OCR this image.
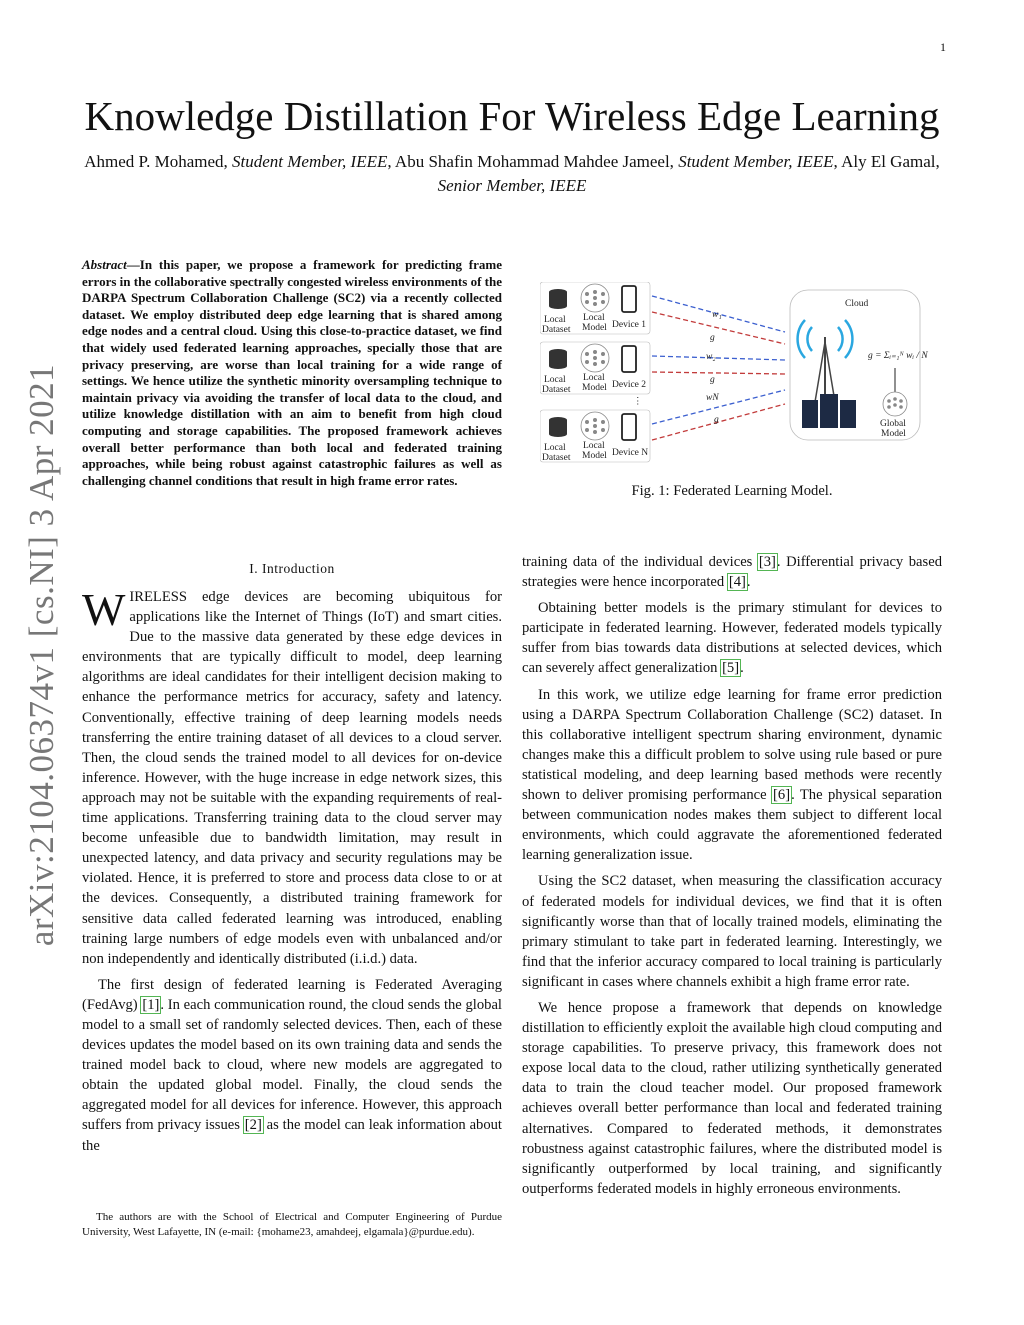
1
arXiv:2104.06374v1 [cs.NI] 3 Apr 2021
Knowledge Distillation For Wireless Edge Learning
Ahmed P. Mohamed, Student Member, IEEE, Abu Shafin Mohammad Mahdee Jameel, Student Member, IEEE, Aly El Gamal, Senior Member, IEEE
Abstract—In this paper, we propose a framework for predicting frame errors in the collaborative spectrally congested wireless environments of the DARPA Spectrum Collaboration Challenge (SC2) via a recently collected dataset. We employ distributed deep edge learning that is shared among edge nodes and a central cloud. Using this close-to-practice dataset, we find that widely used federated learning approaches, specially those that are privacy preserving, are worse than local training for a wide range of settings. We hence utilize the synthetic minority oversampling technique to maintain privacy via avoiding the transfer of local data to the cloud, and utilize knowledge distillation with an aim to benefit from high cloud computing and storage capabilities. The proposed framework achieves overall better performance than both local and federated training approaches, while being robust against catastrophic failures as well as challenging channel conditions that result in high frame error rates.
I. Introduction

WIRELESS edge devices are becoming ubiquitous for applications like the Internet of Things (IoT) and smart cities. Due to the massive data generated by these edge devices in environments that are typically difficult to model, deep learning algorithms are ideal candidates for their intelligent decision making to enhance the performance metrics for accuracy, safety and latency. Conventionally, effective training of deep learning models needs transferring the entire training dataset of all devices to a cloud server. Then, the cloud sends the trained model to all devices for on-device inference. However, with the huge increase in edge network sizes, this approach may not be suitable with the expanding requirements of real-time applications. Transferring training data to the cloud server may become unfeasible due to bandwidth limitation, may result in unexpected latency, and data privacy and security regulations may be violated. Hence, it is preferred to store and process data close to or at the devices. Consequently, a distributed training framework for sensitive data called federated learning was introduced, enabling training large numbers of edge models even with unbalanced and/or non independently and identically distributed (i.i.d.) data.

The first design of federated learning is Federated Averaging (FedAvg) [1]. In each communication round, the cloud sends the global model to a small set of randomly selected devices. Then, each of these devices updates the model based on its own training data and sends the trained model back to cloud, where new models are aggregated to obtain the updated global model. Finally, the cloud sends the aggregated model for all devices for inference. However, this approach suffers from privacy issues [2] as the model can leak information about the

The authors are with the School of Electrical and Computer Engineering of Purdue University, West Lafayette, IN (e-mail: {mohame23, amahdeej, elgamala}@purdue.edu).

Local
Dataset
Local
Model Device 1
Local
Dataset
Local
Model Device 2
⋮
Local
Dataset
Local
Model Device N
w₁
g
w₂
g
wN
g
Cloud
g = Σᵢ₌₁ᴺ wᵢ / N
Global
Model
Fig. 1: Federated Learning Model.

training data of the individual devices [3]. Differential privacy based strategies were hence incorporated [4].

Obtaining better models is the primary stimulant for devices to participate in federated learning. However, federated models typically suffer from bias towards data distributions at selected devices, which can severely affect generalization [5].

In this work, we utilize edge learning for frame error prediction using a DARPA Spectrum Collaboration Challenge (SC2) dataset. In this collaborative intelligent spectrum sharing environment, dynamic changes make this a difficult problem to solve using rule based or pure statistical modeling, and deep learning based methods were recently shown to deliver promising performance [6]. The physical separation between communication nodes makes them subject to different local environments, which could aggravate the aforementioned federated learning generalization issue.

Using the SC2 dataset, when measuring the classification accuracy of federated models for individual devices, we find that it is often significantly worse than that of locally trained models, eliminating the primary stimulant to take part in federated learning. Interestingly, we find that the inferior accuracy compared to local training is particularly significant in cases where channels exhibit a high frame error rate.

We hence propose a framework that depends on knowledge distillation to efficiently exploit the available high cloud computing and storage capabilities. To preserve privacy, this framework does not expose local data to the cloud, rather utilizing synthetically generated data to train the cloud teacher model. Our proposed framework achieves overall better performance than local and federated training alternatives. Compared to federated methods, it demonstrates robustness against catastrophic failures, where the distributed model is significantly outperformed by local training, and significantly outperforms federated models in highly erroneous environments.
